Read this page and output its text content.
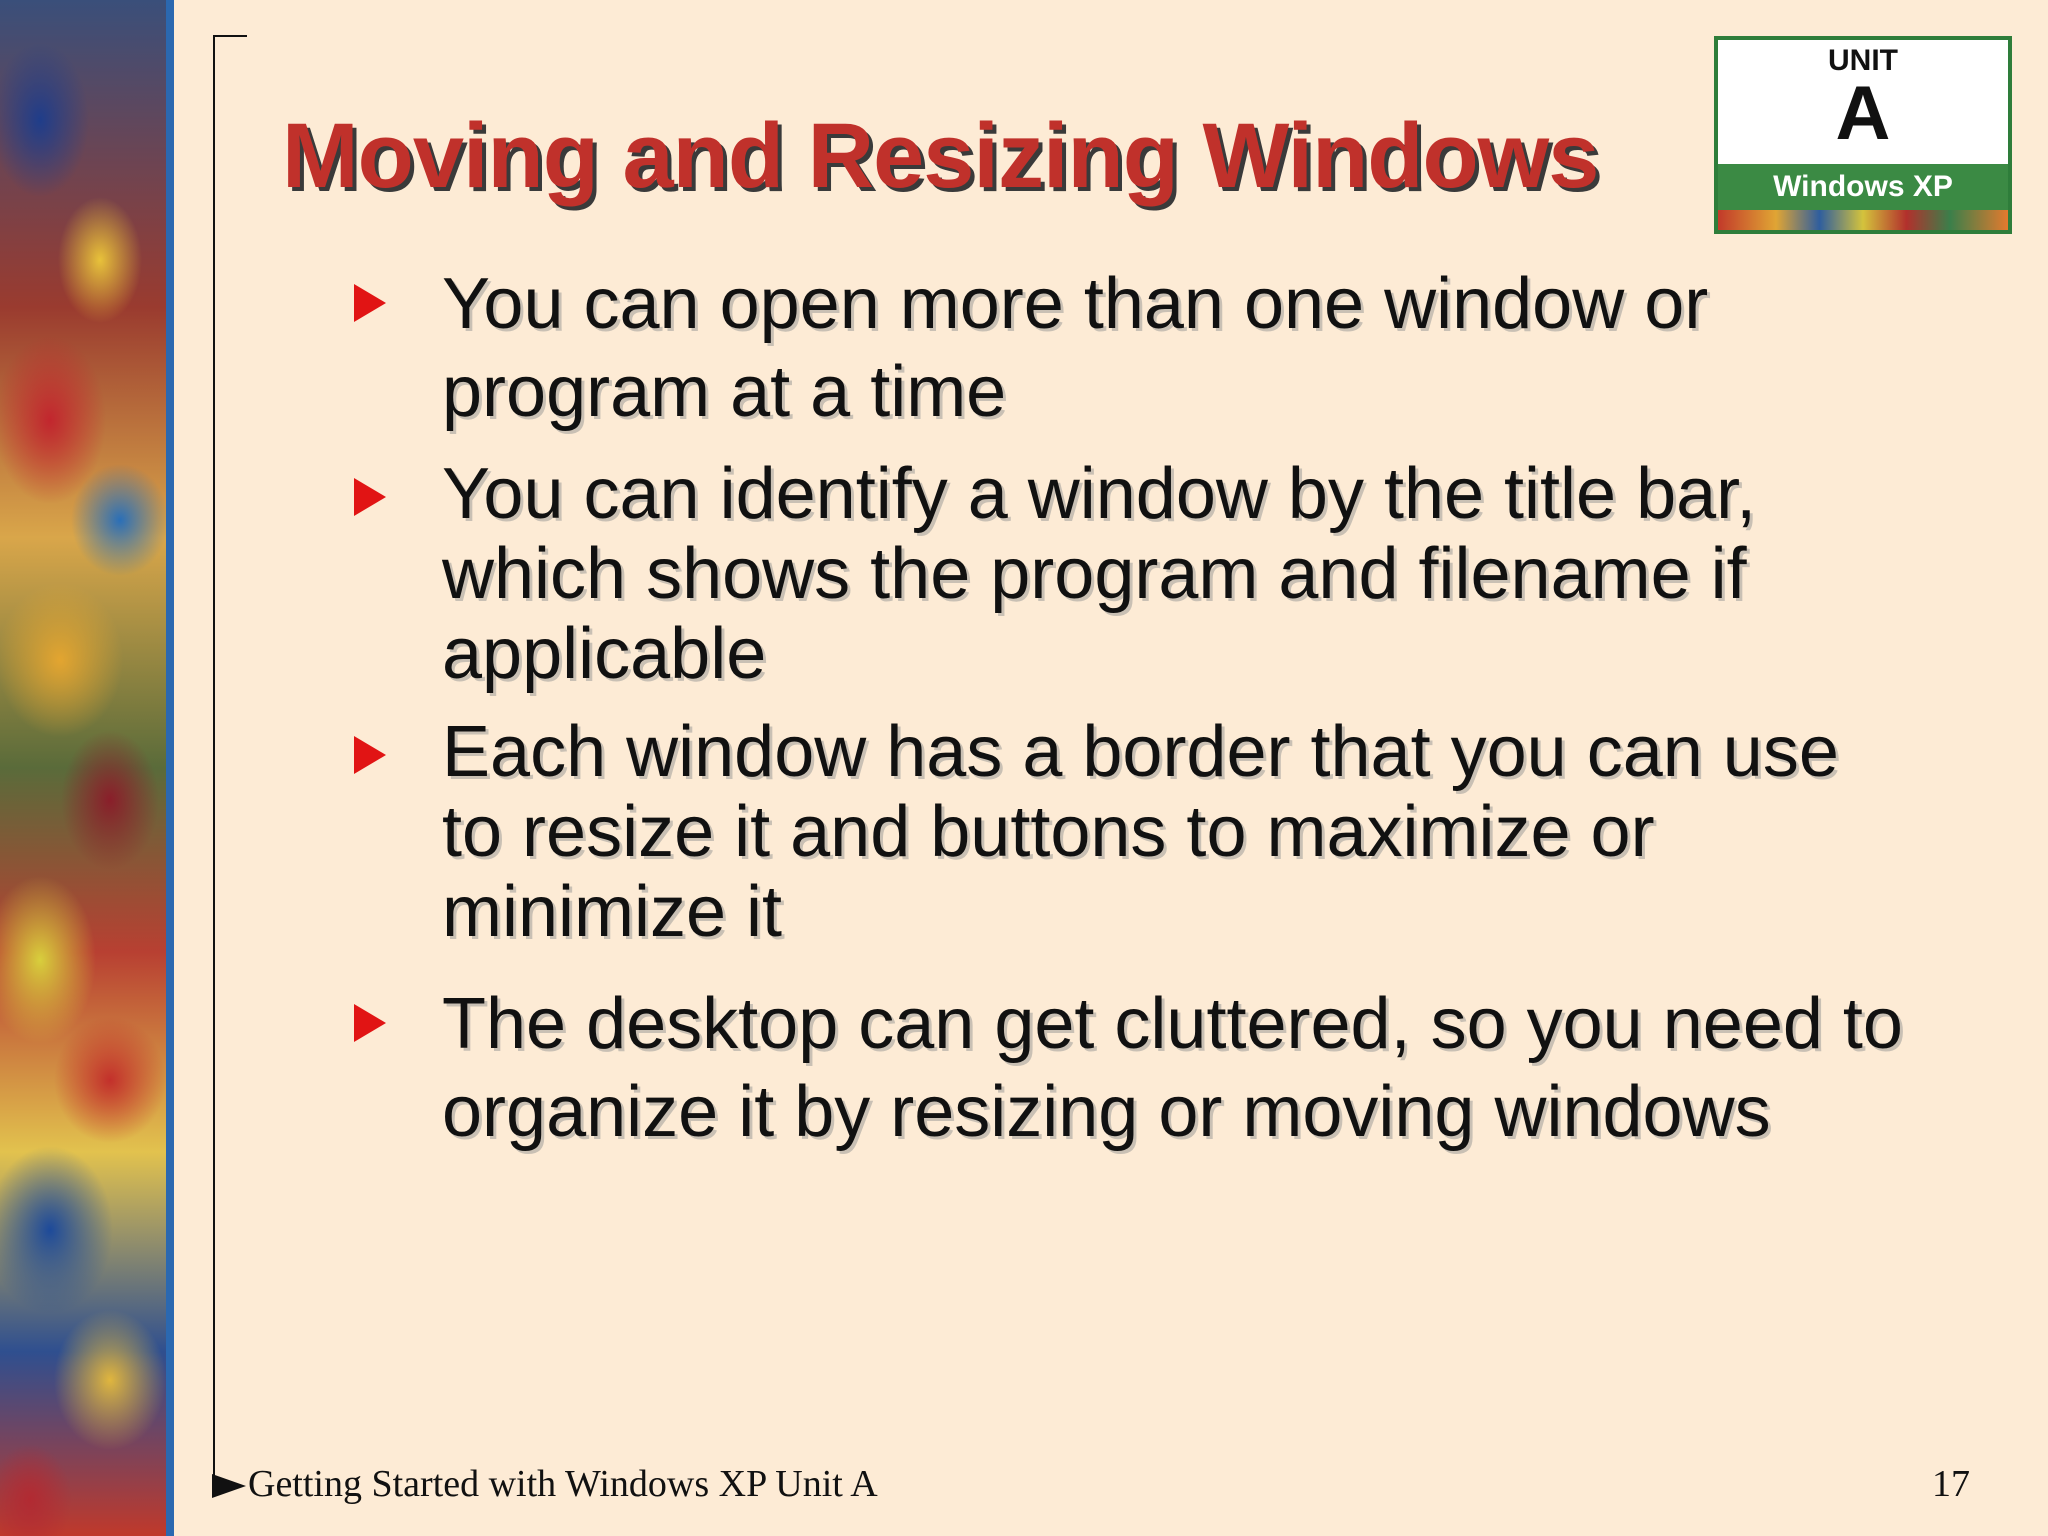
Moving and Resizing Windows
UNIT
A
Windows XP
You can open more than one window or program at a time
You can identify a window by the title bar, which shows the program and filename if applicable
Each window has a border that you can use to resize it and buttons to maximize or minimize it
The desktop can get cluttered, so you need to organize it by resizing or moving windows
Getting Started with Windows XP Unit A	17
